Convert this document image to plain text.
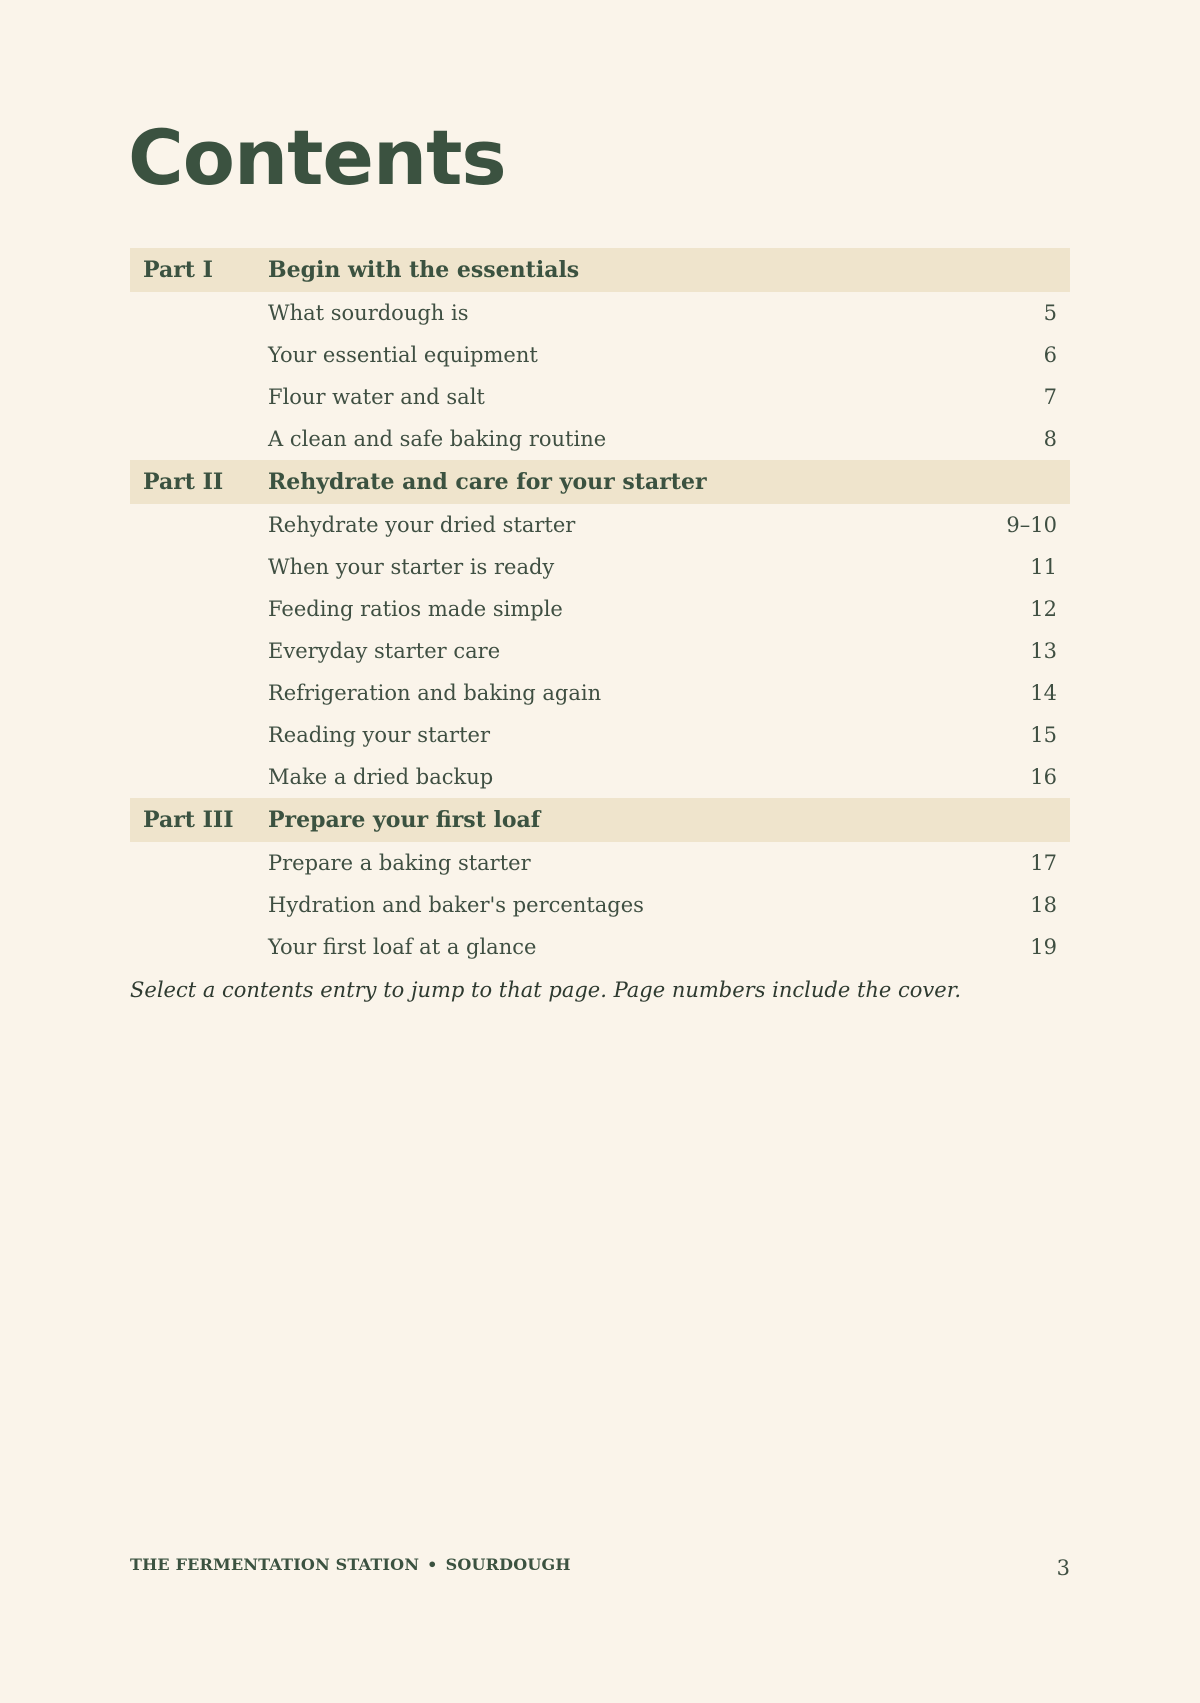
Contents
Part I	Begin with the essentials
What sourdough is	5
Your essential equipment	6
Flour water and salt	7
A clean and safe baking routine	8
Part II Rehydrate and care for your starter
Rehydrate your dried starter	9–10
When your starter is ready	11
Feeding ratios made simple	12
Everyday starter care	13
Refrigeration and baking again	14
Reading your starter	15
Make a dried backup	16
Part III Prepare your first loaf
Prepare a baking starter	17
Hydration and baker's percentages	18
Your first loaf at a glance	19

Select a contents entry to jump to that page. Page numbers include the cover.

THE FERMENTATION STATION • SOURDOUGH	3
